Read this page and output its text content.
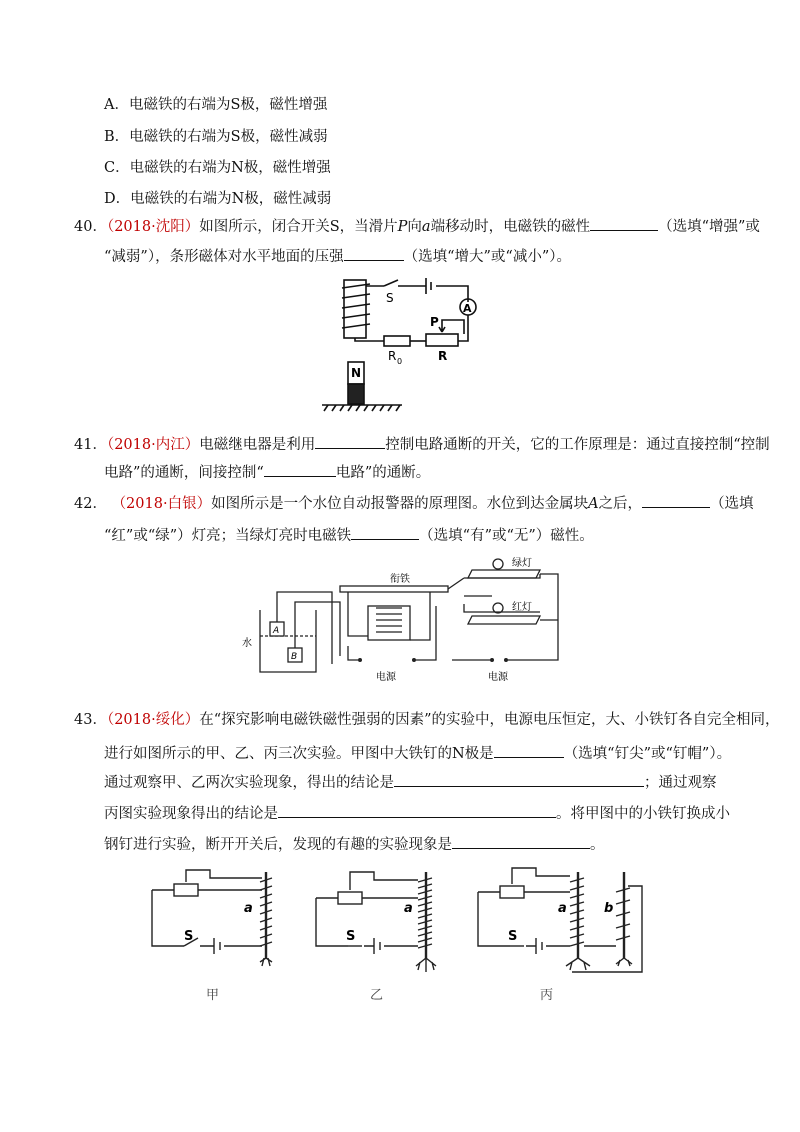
A．电磁铁的右端为S极，磁性增强
B．电磁铁的右端为S极，磁性减弱
C．电磁铁的右端为N极，磁性增强
D．电磁铁的右端为N极，磁性减弱
40．（2018·沈阳）如图所示，闭合开关S，当滑片P向a端移动时，电磁铁的磁性	（选填“增强”或
“减弱”），条形磁体对水平地面的压强	（选填“增大”或“减小”）。
S
A
P
R 0	R
N
41．（2018·内江）电磁继电器是利用	控制电路通断的开关，它的工作原理是：通过直接控制“控制
电路”的通断，间接控制“	电路”的通断。
42． （2018·白银）如图所示是一个水位自动报警器的原理图。水位到达金属块A之后，	（选填
“红”或“绿”）灯亮；当绿灯亮时电磁铁	（选填“有”或“无”）磁性。
衔铁
绿灯
红灯
水
A
B
电源	电源
43．（2018·绥化）在“探究影响电磁铁磁性强弱的因素”的实验中，电源电压恒定，大、小铁钉各自完全相同，
进行如图所示的甲、乙、丙三次实验。甲图中大铁钉的N极是	（选填“钉尖”或“钉帽”）。
通过观察甲、乙两次实验现象，得出的结论是	；通过观察
丙图实验现象得出的结论是	。将甲图中的小铁钉换成小
钢钉进行实验，断开开关后，发现的有趣的实验现象是	。
a
S
甲
a
S
乙
a	b
S
丙
